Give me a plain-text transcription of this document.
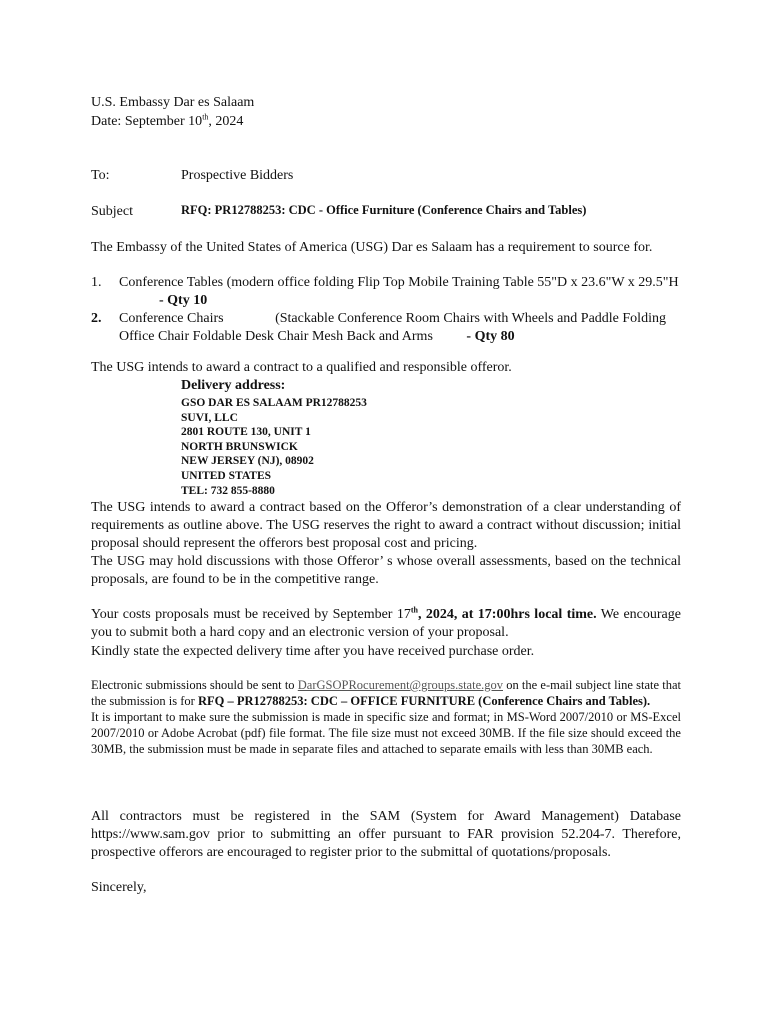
U.S. Embassy Dar es Salaam
Date: September 10th, 2024
To:	Prospective Bidders
Subject	RFQ: PR12788253: CDC - Office Furniture (Conference Chairs and Tables)
The Embassy of the United States of America (USG) Dar es Salaam has a requirement to source for.
1. Conference Tables (modern office folding Flip Top Mobile Training Table 55"D x 23.6"W x 29.5"H - Qty 10
2. Conference Chairs	(Stackable Conference Room Chairs with Wheels and Paddle Folding Office Chair Foldable Desk Chair Mesh Back and Arms - Qty 80
The USG intends to award a contract to a qualified and responsible offeror.
Delivery address:
GSO DAR ES SALAAM PR12788253
SUVI, LLC
2801 ROUTE 130, UNIT 1
NORTH BRUNSWICK
NEW JERSEY (NJ), 08902
UNITED STATES
TEL: 732 855-8880
The USG intends to award a contract based on the Offeror’s demonstration of a clear understanding of requirements as outline above. The USG reserves the right to award a contract without discussion; initial proposal should represent the offerors best proposal cost and pricing.
The USG may hold discussions with those Offeror’ s whose overall assessments, based on the technical proposals, are found to be in the competitive range.
Your costs proposals must be received by September 17th, 2024, at 17:00hrs local time. We encourage you to submit both a hard copy and an electronic version of your proposal.
Kindly state the expected delivery time after you have received purchase order.
Electronic submissions should be sent to DarGSOPRocurement@groups.state.gov on the e-mail subject line state that the submission is for RFQ – PR12788253: CDC – OFFICE FURNITURE (Conference Chairs and Tables).
It is important to make sure the submission is made in specific size and format; in MS-Word 2007/2010 or MS-Excel 2007/2010 or Adobe Acrobat (pdf) file format. The file size must not exceed 30MB. If the file size should exceed the 30MB, the submission must be made in separate files and attached to separate emails with less than 30MB each.
All contractors must be registered in the SAM (System for Award Management) Database https://www.sam.gov prior to submitting an offer pursuant to FAR provision 52.204-7. Therefore, prospective offerors are encouraged to register prior to the submittal of quotations/proposals.
Sincerely,
